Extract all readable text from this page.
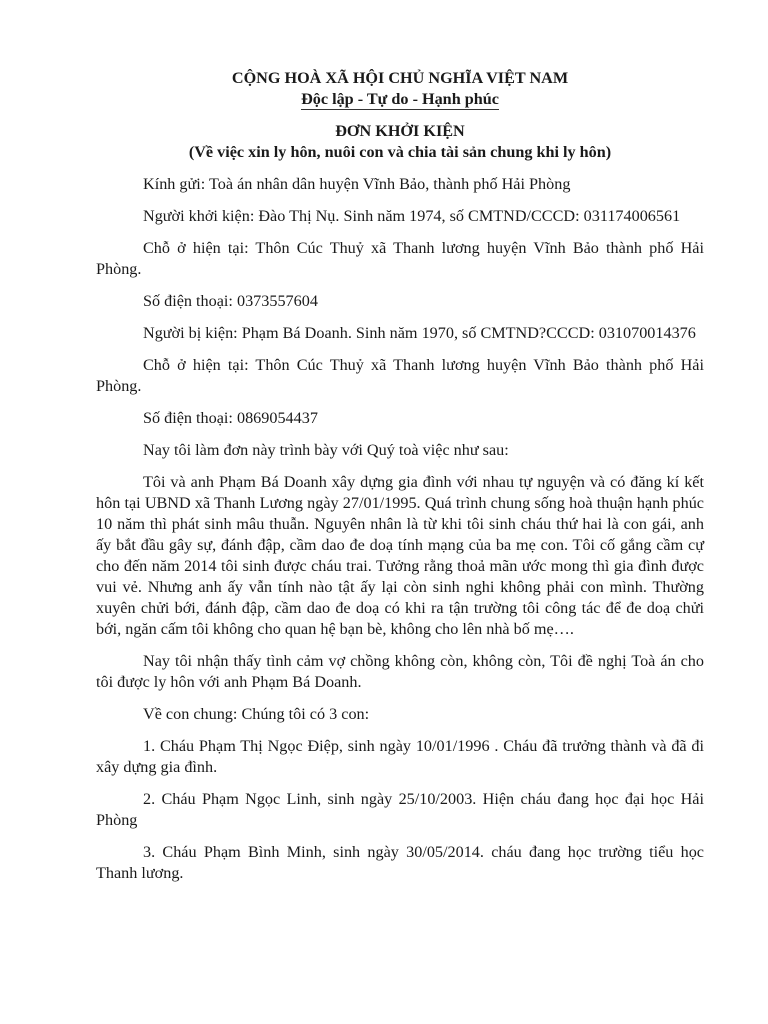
CỘNG HOÀ XÃ HỘI CHỦ NGHĨA VIỆT NAM
Độc lập - Tự do - Hạnh phúc
ĐƠN KHỞI KIỆN
(Về việc xin ly hôn, nuôi con và chia tài sản chung khi ly hôn)

Kính gửi: Toà án nhân dân huyện Vĩnh Bảo, thành phố Hải Phòng

Người khởi kiện: Đào Thị Nụ. Sinh năm 1974, số CMTND/CCCD: 031174006561

Chỗ ở hiện tại: Thôn Cúc Thuỷ xã Thanh lương huyện Vĩnh Bảo thành phố Hải Phòng.

Số điện thoại: 0373557604

Người bị kiện: Phạm Bá Doanh. Sinh năm 1970, số CMTND?CCCD: 031070014376

Chỗ ở hiện tại: Thôn Cúc Thuỷ xã Thanh lương huyện Vĩnh Bảo thành phố Hải Phòng.

Số điện thoại: 0869054437

Nay tôi làm đơn này trình bày với Quý toà việc như sau:

Tôi và anh Phạm Bá Doanh xây dựng gia đình với nhau tự nguyện và có đăng kí kết hôn tại UBND xã Thanh Lương ngày 27/01/1995. Quá trình chung sống hoà thuận hạnh phúc 10 năm thì phát sinh mâu thuẫn. Nguyên nhân là từ khi tôi sinh cháu thứ hai là con gái, anh ấy bắt đầu gây sự, đánh đập, cầm dao đe doạ tính mạng của ba mẹ con. Tôi cố gắng cầm cự cho đến năm 2014 tôi sinh được cháu trai. Tưởng rằng thoả mãn ước mong thì gia đình được vui vẻ. Nhưng anh ấy vẫn tính nào tật ấy lại còn sinh nghi không phải con mình. Thường xuyên chửi bới, đánh đập, cầm dao đe doạ có khi ra tận trường tôi công tác để đe doạ chửi bới, ngăn cấm tôi không cho quan hệ bạn bè, không cho lên nhà bố mẹ….

Nay tôi nhận thấy tình cảm vợ chồng không còn, không còn, Tôi đề nghị Toà án cho tôi được ly hôn với anh Phạm Bá Doanh.

Về con chung: Chúng tôi có 3 con:

1. Cháu Phạm Thị Ngọc Điệp, sinh ngày 10/01/1996 . Cháu đã trưởng thành và đã đi xây dựng gia đình.

2. Cháu Phạm Ngọc Linh, sinh ngày 25/10/2003. Hiện cháu đang học đại học Hải Phòng

3. Cháu Phạm Bình Minh, sinh ngày 30/05/2014. cháu đang học trường tiểu học Thanh lương.
